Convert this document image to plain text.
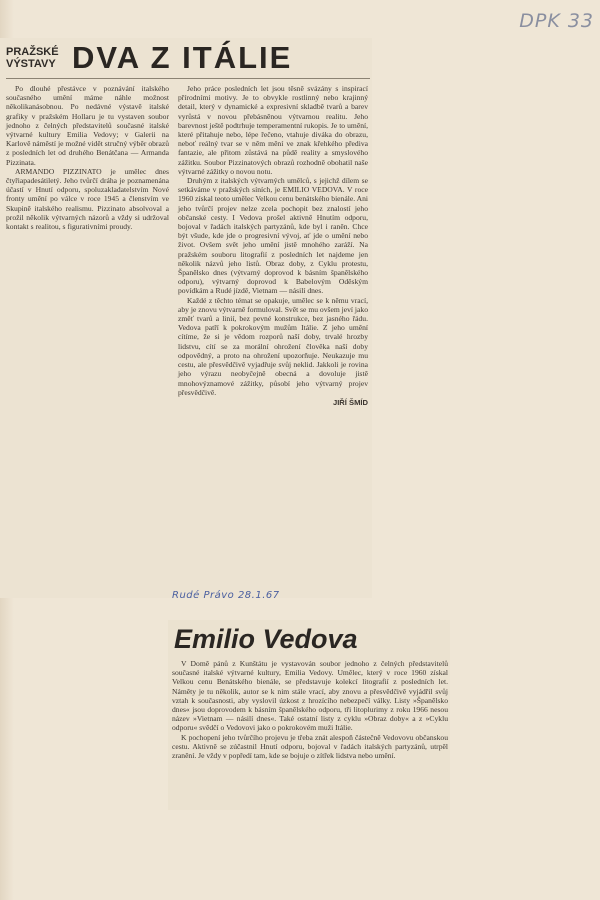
DPK 33
PRAŽSKÉ VÝSTAVY DVA Z ITÁLIE

Po dlouhé přestávce v poznávání italského současného umění máme náhle možnost několikanásobnou. Po nedávné výstavě italské grafiky v pražském Hollaru je tu vystaven soubor jednoho z čelných představitelů současné italské výtvarné kultury Emilia Vedovy; v Galerii na Karlově náměstí je možné vidět stručný výběr obrazů z posledních let od druhého Benátčana — Armanda Pizzinata.

ARMANDO PIZZINATO je umělec dnes čtyřiapadesátiletý. Jeho tvůrčí dráha je poznamenána účastí v Hnutí odporu, spoluzakladatelstvím Nové fronty umění po válce v roce 1945 a členstvím ve Skupině italského realismu. Pizzinato absolvoval a prožil několik výtvarných názorů a vždy si udržoval kontakt s realitou, s figurativními proudy.

Jeho práce posledních let jsou těsně svázány s inspirací přírodními motivy. Je to obvykle rostlinný nebo krajinný detail, který v dynamické a expresivní skladbě tvarů a barev vyrůstá v novou přebásněnou výtvarnou realitu. Jeho barevnost ještě podtrhuje temperamentní rukopis. Je to umění, které přitahuje nebo, lépe řečeno, vtahuje diváka do obrazu, neboť reálný tvar se v něm mění ve znak křehkého předivа fantazie, ale přitom zůstává na půdě reality a smyslového zážitku. Soubor Pizzinatových obrazů rozhodně obohatil naše výtvarné zážitky o novou notu.

Druhým z italských výtvarných umělců, s jejichž dílem se setkáváme v pražských síních, je EMILIO VEDOVA. V roce 1960 získal teoto umělec Velkou cenu benátského bienále. Ani jeho tvůrčí projev nelze zcela pochopit bez znalostí jeho občanské cesty. I Vedova prošel aktivně Hnutím odporu, bojoval v řadách italských partyzánů, kde byl i raněn. Chce být všude, kde jde o progresivní vývoj, ať jde o umění nebo život. Ovšem svět jeho umění jistě mnohého zaráží. Na pražském souboru litografií z posledních let najdeme jen několik názvů jeho listů. Obraz doby, z Cyklu protestu, Španělsko dnes (výtvarný doprovod k básním španělského odporu), výtvarný doprovod k Babelovým Oděským povídkám a Rudé jízdě, Vietnam — násilí dnes.

Každé z těchto témat se opakuje, umělec se k němu vrací, aby je znovu výtvarně formuloval. Svět se mu ovšem jeví jako změť tvarů a linií, bez pevné konstrukce, bez jasného řádu. Vedova patří k pokrokovým mužům Itálie. Z jeho umění cítíme, že si je vědom rozporů naší doby, trvalé hrozby lidstvu, cítí se za morální ohrožení člověka naší doby odpovědný, a proto na ohrožení upozorňuje. Neukazuje mu cestu, ale přesvědčivě vyjadřuje svůj neklid. Jakkoli je rovina jeho výrazu neobyčejně obecná a dovoluje jistě mnohovýznamové zážitky, působí jeho výtvarný projev přesvědčivě.

JIŘÍ ŠMÍD
Rudé Právo 28.1.67
Emilio Vedova

V Domě pánů z Kunštátu je vystavován soubor jednoho z čelných představitelů současné italské výtvarné kultury, Emilia Vedovy. Umělec, který v roce 1960 získal Velkou cenu Benátského bienále, se představuje kolekcí litografií z posledních let. Náměty je tu několik, autor se k nim stále vrací, aby znovu a přesvědčivě vyjádřil svůj vztah k současnosti, aby vyslovil úzkost z hrozícího nebezpečí války. Listy »Španělsko dnes« jsou doprovodem k básním španělského odporu, tři litoplurimy z roku 1966 nesou název »Vietnam — násilí dnes«. Také ostatní listy z cyklu »Obraz doby« a z »Cyklu odporu« svědčí o Vedovovi jako o pokrokovém muži Itálie.

K pochopení jeho tvůrčího projevu je třeba znát alespoň částečně Vedovovu občanskou cestu. Aktivně se zúčastnil Hnutí odporu, bojoval v řadách italských partyzánů, utrpěl zranění. Je vždy v popředí tam, kde se bojuje o zítřek lidstva nebo umění.
